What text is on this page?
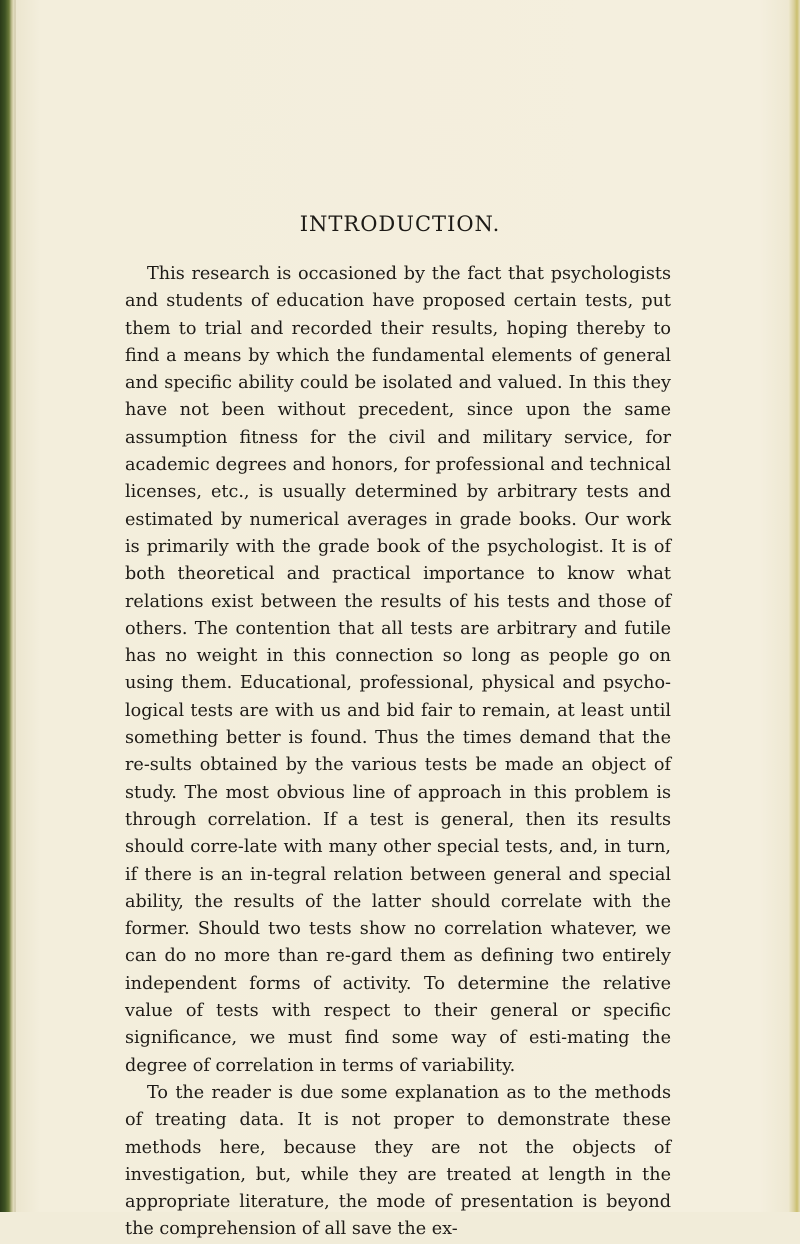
INTRODUCTION.

This research is occasioned by the fact that psychologists and students of education have proposed certain tests, put them to trial and recorded their results, hoping thereby to find a means by which the fundamental elements of general and specific ability could be isolated and valued. In this they have not been without precedent, since upon the same assumption fitness for the civil and military service, for academic degrees and honors, for professional and technical licenses, etc., is usually determined by arbitrary tests and estimated by numerical averages in grade books. Our work is primarily with the grade book of the psychologist. It is of both theoretical and practical importance to know what relations exist between the results of his tests and those of others. The contention that all tests are arbitrary and futile has no weight in this connection so long as people go on using them. Educational, professional, physical and psycho-logical tests are with us and bid fair to remain, at least until something better is found. Thus the times demand that the re-sults obtained by the various tests be made an object of study. The most obvious line of approach in this problem is through correlation. If a test is general, then its results should corre-late with many other special tests, and, in turn, if there is an in-tegral relation between general and special ability, the results of the latter should correlate with the former. Should two tests show no correlation whatever, we can do no more than re-gard them as defining two entirely independent forms of activity. To determine the relative value of tests with respect to their general or specific significance, we must find some way of esti-mating the degree of correlation in terms of variability.

To the reader is due some explanation as to the methods of treating data. It is not proper to demonstrate these methods here, because they are not the objects of investigation, but, while they are treated at length in the appropriate literature, the mode of presentation is beyond the comprehension of all save the ex-
